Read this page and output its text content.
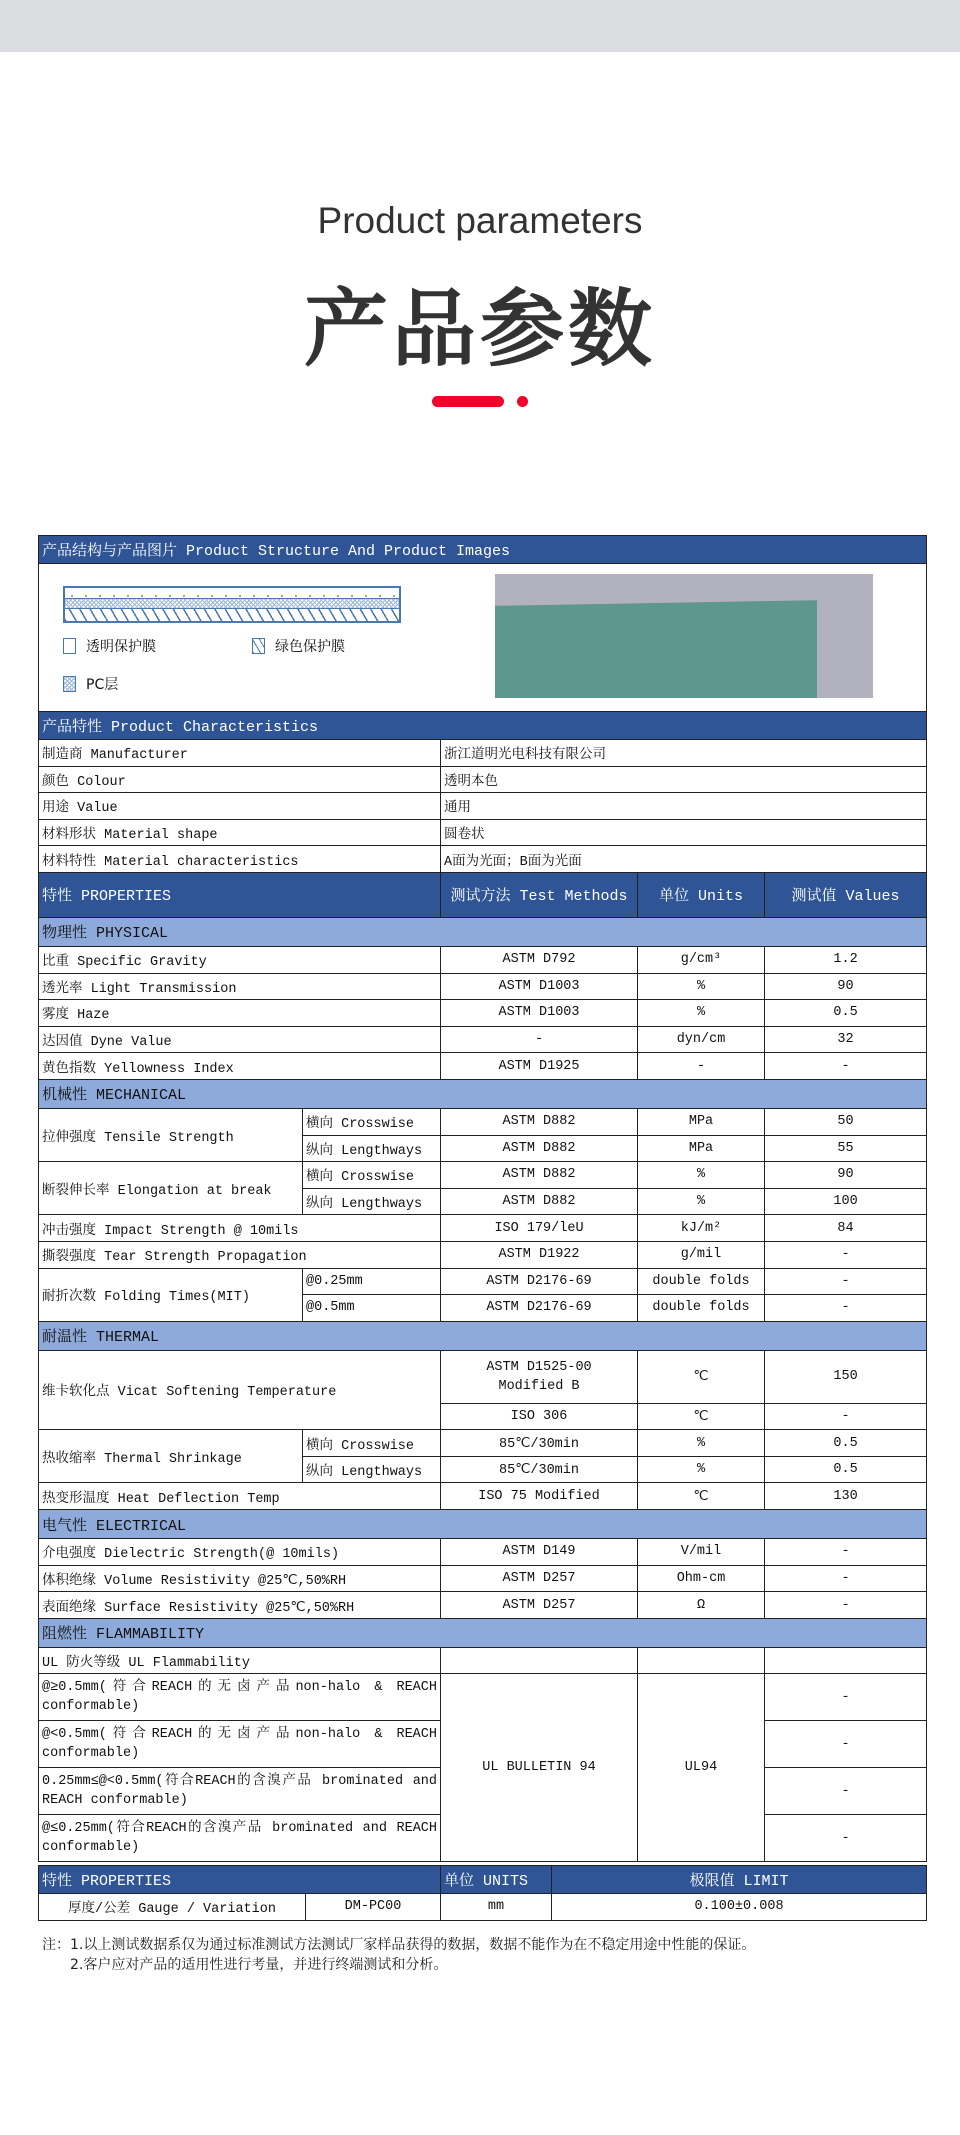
Product parameters
产品参数
产品结构与产品图片 Product Structure And Product Images				

透明保护膜 绿色保护膜
PC层				

产品特性 Product Characteristics				
制造商 Manufacturer		浙江道明光电科技有限公司		
颜色 Colour		透明本色		
用途 Value		通用		
材料形状 Material shape		圆卷状		
材料特性 Material characteristics		A面为光面；B面为光面		
特性 PROPERTIES		测试方法 Test Methods	单位 Units	测试值 Values
物理性 PHYSICAL				
比重 Specific Gravity		ASTM D792	g/cm³	1.2
透光率 Light Transmission		ASTM D1003	%	90
雾度 Haze		ASTM D1003	%	0.5
达因值 Dyne Value		-	dyn/cm	32
黄色指数 Yellowness Index		ASTM D1925	-	-
机械性 MECHANICAL				
拉伸强度 Tensile Strength	横向 Crosswise	ASTM D882	MPa	50
	纵向 Lengthways	ASTM D882	MPa	55
断裂伸长率 Elongation at break	横向 Crosswise	ASTM D882	%	90
	纵向 Lengthways	ASTM D882	%	100
冲击强度 Impact Strength @ 10mils		ISO 179/leU	kJ/m²	84
撕裂强度 Tear Strength Propagation		ASTM D1922	g/mil	-
耐折次数 Folding Times(MIT)	@0.25mm	ASTM D2176-69	double folds	-
	@0.5mm	ASTM D2176-69	double folds	-
耐温性 THERMAL				
维卡软化点 Vicat Softening Temperature		ASTM D1525-00 Modified B	℃	150
		ISO 306	℃	-
热收缩率 Thermal Shrinkage	横向 Crosswise	85℃/30min	%	0.5
	纵向 Lengthways	85℃/30min	%	0.5
热变形温度 Heat Deflection Temp		ISO 75 Modified	℃	130
电气性 ELECTRICAL				
介电强度 Dielectric Strength(@ 10mils)		ASTM D149	V/mil	-
体积绝缘 Volume Resistivity @25℃,50%RH		ASTM D257	Ohm-cm	-
表面绝缘 Surface Resistivity @25℃,50%RH		ASTM D257	Ω	-
阻燃性 FLAMMABILITY				
UL 防火等级 UL Flammability				
@≥0.5mm(符合REACH的无卤产品non-halo & REACH conformable)		UL BULLETIN 94	UL94	-
@<0.5mm(符合REACH的无卤产品non-halo & REACH conformable)				-
0.25mm≤@<0.5mm(符合REACH的含溴产品 brominated and REACH conformable)				-
@≤0.25mm(符合REACH的含溴产品 brominated and REACH conformable)				-
特性 PROPERTIES		单位 UNITS	极限值 LIMIT
厚度/公差 Gauge / Variation	DM-PC00	mm	0.100±0.008
注：1.以上测试数据系仅为通过标准测试方法测试厂家样品获得的数据，数据不能作为在不稳定用途中性能的保证。
2.客户应对产品的适用性进行考量，并进行终端测试和分析。
